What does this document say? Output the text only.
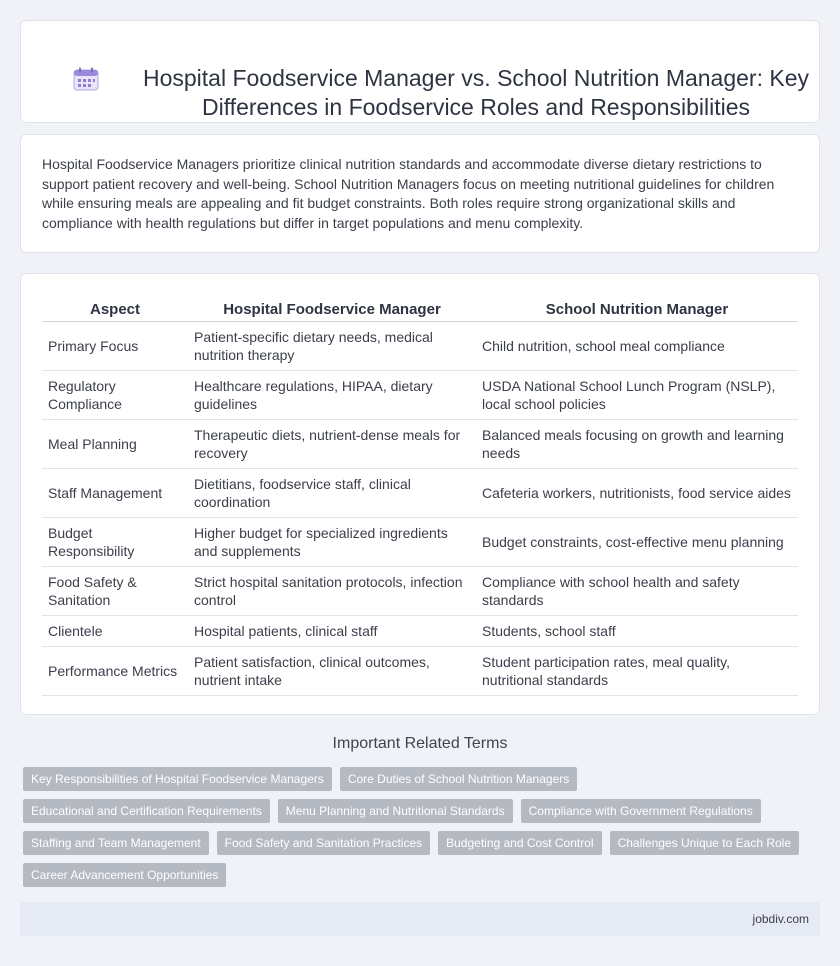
Hospital Foodservice Manager vs. School Nutrition Manager: Key
Differences in Foodservice Roles and Responsibilities

Hospital Foodservice Managers prioritize clinical nutrition standards and accommodate diverse dietary restrictions to support patient recovery and well-being. School Nutrition Managers focus on meeting nutritional guidelines for children while ensuring meals are appealing and fit budget constraints. Both roles require strong organizational skills and compliance with health regulations but differ in target populations and menu complexity.

Aspect	Hospital Foodservice Manager	School Nutrition Manager
Primary Focus	Patient-specific dietary needs, medical nutrition therapy	Child nutrition, school meal compliance
Regulatory Compliance	Healthcare regulations, HIPAA, dietary guidelines	USDA National School Lunch Program (NSLP), local school policies
Meal Planning	Therapeutic diets, nutrient-dense meals for recovery	Balanced meals focusing on growth and learning needs
Staff Management	Dietitians, foodservice staff, clinical coordination	Cafeteria workers, nutritionists, food service aides
Budget Responsibility	Higher budget for specialized ingredients and supplements	Budget constraints, cost-effective menu planning
Food Safety & Sanitation	Strict hospital sanitation protocols, infection control	Compliance with school health and safety standards
Clientele	Hospital patients, clinical staff	Students, school staff
Performance Metrics	Patient satisfaction, clinical outcomes, nutrient intake	Student participation rates, meal quality, nutritional standards
Important Related Terms
Key Responsibilities of Hospital Foodservice Managers	Core Duties of School Nutrition Managers
Educational and Certification Requirements	Menu Planning and Nutritional Standards	Compliance with Government Regulations
Staffing and Team Management	Food Safety and Sanitation Practices	Budgeting and Cost Control	Challenges Unique to Each Role
Career Advancement Opportunities
jobdiv.com
